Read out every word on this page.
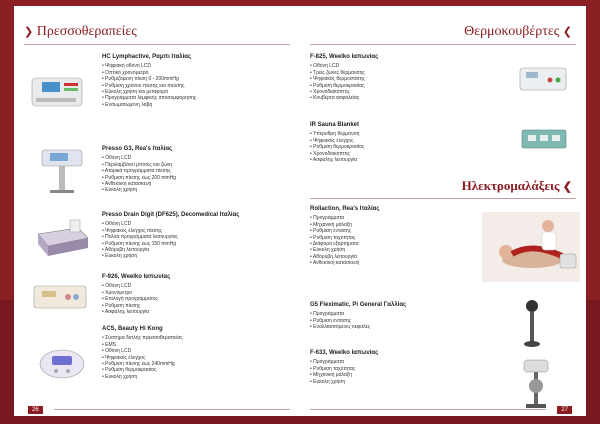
❯ Πρεσσοθεραπείες
HC Lymphactive, Ραμπι Ιταλίας
• Ψηφιακή οθόνη LCD
• Οπτικό χρονόμετρο
• Ρυθμιζόμενη πίεση 0 - 200mmHg
• Ρύθμιση χρόνου πίεσης και παύσης
• Εύκολη χρήση και μεταφορά
• Προγράμματα λεμφικής αποσυμφόρησης
• Ενσωματωμένη λαβή
Presso G3, Rea's Ιταλίας
• Οθόνη LCD
• Περιλαμβάνει μπότες και ζώνη
• Ατομικά προγράμματα πίεσης
• Ρύθμιση πίεσης έως 200 mmHg
• Ανθεκτική κατασκευή
• Εύκολη χρήση
Presso Drain Digit (DF625), Decomedical Ιταλίας
• Οθόνη LCD
• Ψηφιακός έλεγχος πίεσης
• Πολλά προγράμματα λειτουργίας
• Ρύθμιση πίεσης έως 150 mmHg
• Αθόρυβη λειτουργία
• Εύκολη χρήση
F-926, Weelko Ιαπωνίας
• Οθόνη LCD
• Χρονόμετρο
• Επιλογή προγράμματος
• Ρύθμιση πίεσης
• Ασφαλής λειτουργία
ACS, Beauty Hi Kong
• Σύστημα διπλής πρεσσοθεραπείας
• EMS
• Οθόνη LCD
• Ψηφιακός έλεγχος
• Ρύθμιση πίεσης έως 240mmHg
• Ρύθμιση θερμοκρασίας
• Εύκολη χρήση
26
Θερμοκουβέρτες ❮
Ηλεκτρομαλάξεις ❮
F-825, Weelko Ιαπωνίας
• Οθόνη LCD
• Τρεις ζώνες θέρμανσης
• Ψηφιακός θερμοστάτης
• Ρύθμιση θερμοκρασίας
• Χρονοδιακόπτης
• Κουβέρτα ασφαλείας
IR Sauna Blanket
• Υπέρυθρη θέρμανση
• Ψηφιακός έλεγχος
• Ρύθμιση θερμοκρασίας
• Χρονοδιακόπτης
• Ασφαλής λειτουργία
Rollaction, Rea's Ιταλίας
• Προγράμματα
• Μηχανική μάλαξη
• Ρύθμιση έντασης
• Ρύθμιση ταχύτητας
• Διάφορα εξαρτήματα
• Εύκολη χρήση
• Αθόρυβη λειτουργία
• Ανθεκτική κατασκευή
G5 Fleximatic, Pi General Γαλλίας
• Προγράμματα
• Ρύθμιση έντασης
• Εναλλασσόμενες κεφαλές
F-633, Weelko Ιαπωνίας
• Προγράμματα
• Ρύθμιση ταχύτητας
• Μηχανική μάλαξη
• Εύκολη χρήση
27
